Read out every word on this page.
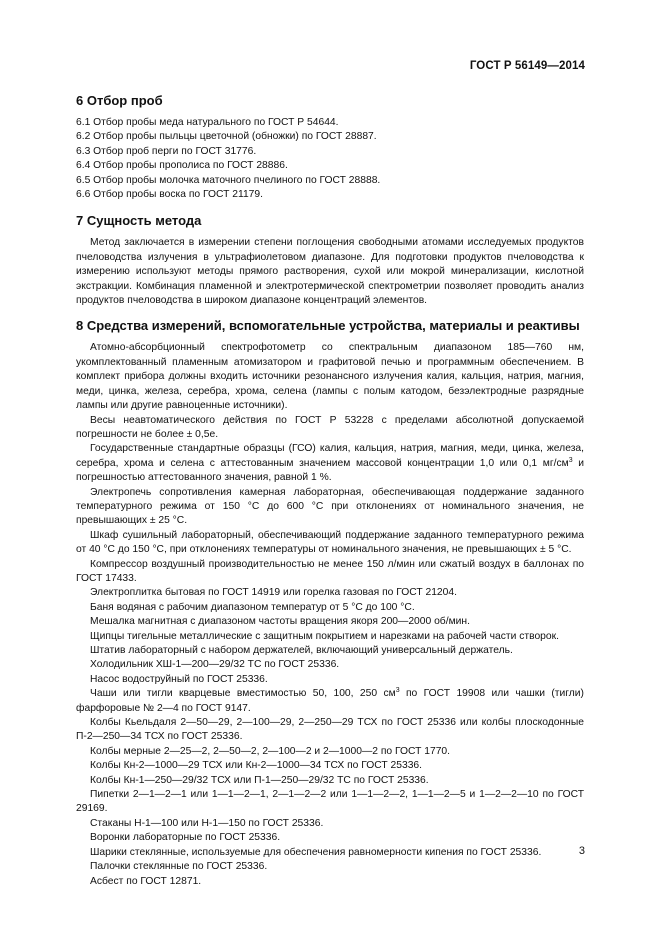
ГОСТ Р 56149—2014
6 Отбор проб
6.1 Отбор пробы меда натурального по ГОСТ Р 54644.
6.2 Отбор пробы пыльцы цветочной (обножки) по ГОСТ 28887.
6.3 Отбор проб перги по ГОСТ 31776.
6.4 Отбор пробы прополиса по ГОСТ 28886.
6.5 Отбор пробы молочка маточного пчелиного по ГОСТ 28888.
6.6 Отбор пробы воска по ГОСТ 21179.
7 Сущность метода

Метод заключается в измерении степени поглощения свободными атомами исследуемых продуктов пчеловодства излучения в ультрафиолетовом диапазоне. Для подготовки продуктов пчеловодства к измерению используют методы прямого растворения, сухой или мокрой минерализации, кислотной экстракции. Комбинация пламенной и электротермической спектрометрии позволяет проводить анализ продуктов пчеловодства в широком диапазоне концентраций элементов.

8 Средства измерений, вспомогательные устройства, материалы и реактивы

Атомно-абсорбционный спектрофотометр со спектральным диапазоном 185—760 нм, укомплектованный пламенным атомизатором и графитовой печью и программным обеспечением. В комплект прибора должны входить источники резонансного излучения калия, кальция, натрия, магния, меди, цинка, железа, серебра, хрома, селена (лампы с полым катодом, безэлектродные разрядные лампы или другие равноценные источники).

Весы неавтоматического действия по ГОСТ Р 53228 с пределами абсолютной допускаемой погрешности не более ± 0,5е.

Государственные стандартные образцы (ГСО) калия, кальция, натрия, магния, меди, цинка, железа, серебра, хрома и селена с аттестованным значением массовой концентрации 1,0 или 0,1 $мг/см^3$ и погрешностью аттестованного значения, равной 1 %.

Электропечь сопротивления камерная лабораторная, обеспечивающая поддержание заданного температурного режима от 150 °С до 600 °С при отклонениях от номинального значения, не превышающих ± 25 °С.

Шкаф сушильный лабораторный, обеспечивающий поддержание заданного температурного режима от 40 °С до 150 °С, при отклонениях температуры от номинального значения, не превышающих ± 5 °С.

Компрессор воздушный производительностью не менее 150 л/мин или сжатый воздух в баллонах по ГОСТ 17433.

Электроплитка бытовая по ГОСТ 14919 или горелка газовая по ГОСТ 21204.

Баня водяная с рабочим диапазоном температур от 5 °С до 100 °С.

Мешалка магнитная с диапазоном частоты вращения якоря 200—2000 об/мин.

Щипцы тигельные металлические с защитным покрытием и нарезками на рабочей части створок.

Штатив лабораторный с набором держателей, включающий универсальный держатель.

Холодильник ХШ-1—200—29/32 ТС по ГОСТ 25336.

Насос водоструйный по ГОСТ 25336.

Чаши или тигли кварцевые вместимостью 50, 100, 250 $см^3$ по ГОСТ 19908 или чашки (тигли) фарфоровые № 2—4 по ГОСТ 9147.

Колбы Кьельдаля 2—50—29, 2—100—29, 2—250—29 ТСХ по ГОСТ 25336 или колбы плоскодонные П-2—250—34 ТСХ по ГОСТ 25336.

Колбы мерные 2—25—2, 2—50—2, 2—100—2 и 2—1000—2 по ГОСТ 1770.

Колбы Кн-2—1000—29 ТСХ или Кн-2—1000—34 ТСХ по ГОСТ 25336.

Колбы Кн-1—250—29/32 ТСХ или П-1—250—29/32 ТС по ГОСТ 25336.

Пипетки 2—1—2—1 или 1—1—2—1, 2—1—2—2 или 1—1—2—2, 1—1—2—5 и 1—2—2—10 по ГОСТ 29169.

Стаканы Н-1—100 или Н-1—150 по ГОСТ 25336.

Воронки лабораторные по ГОСТ 25336.

Шарики стеклянные, используемые для обеспечения равномерности кипения по ГОСТ 25336.

Палочки стеклянные по ГОСТ 25336.

Асбест по ГОСТ 12871.

3
